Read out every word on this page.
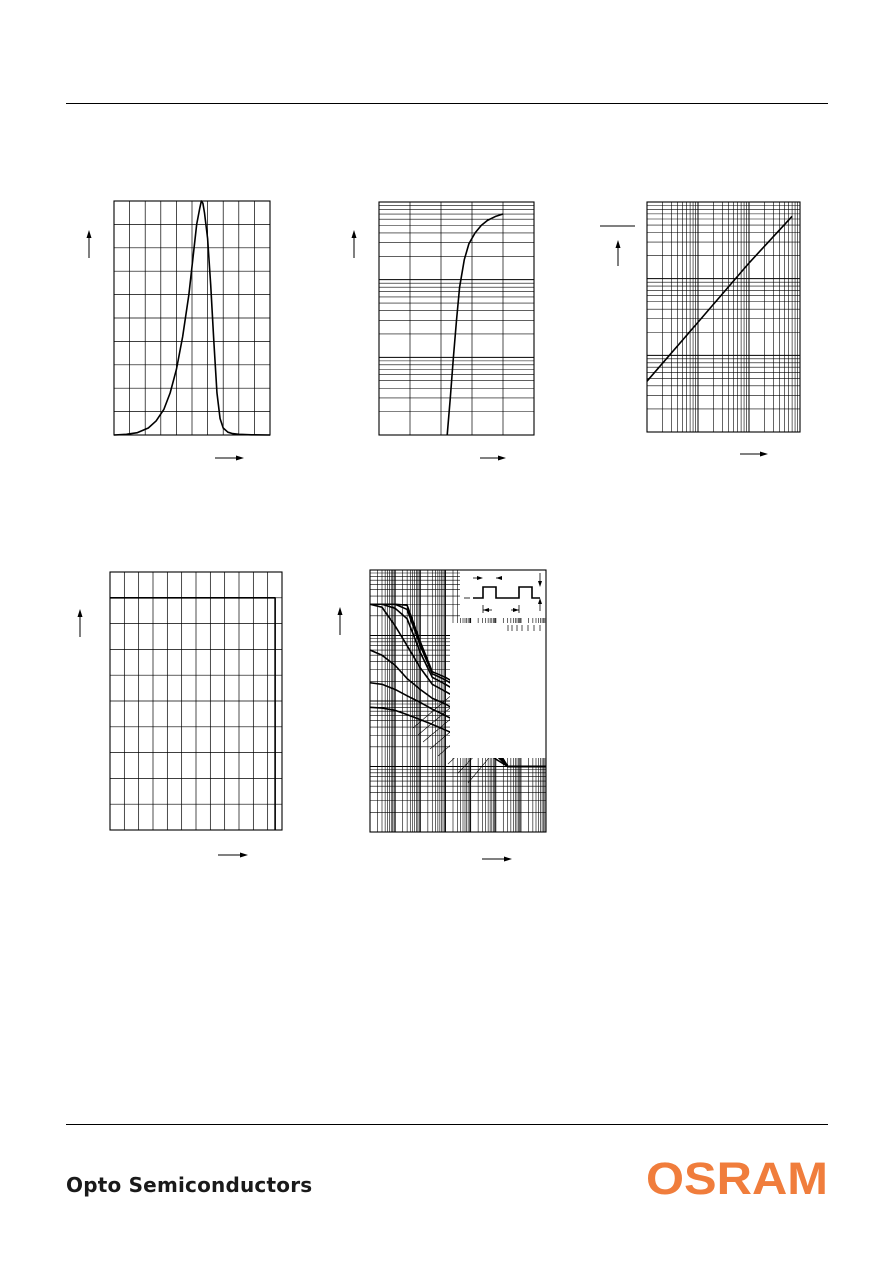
Opto Semiconductors	OSRAM
